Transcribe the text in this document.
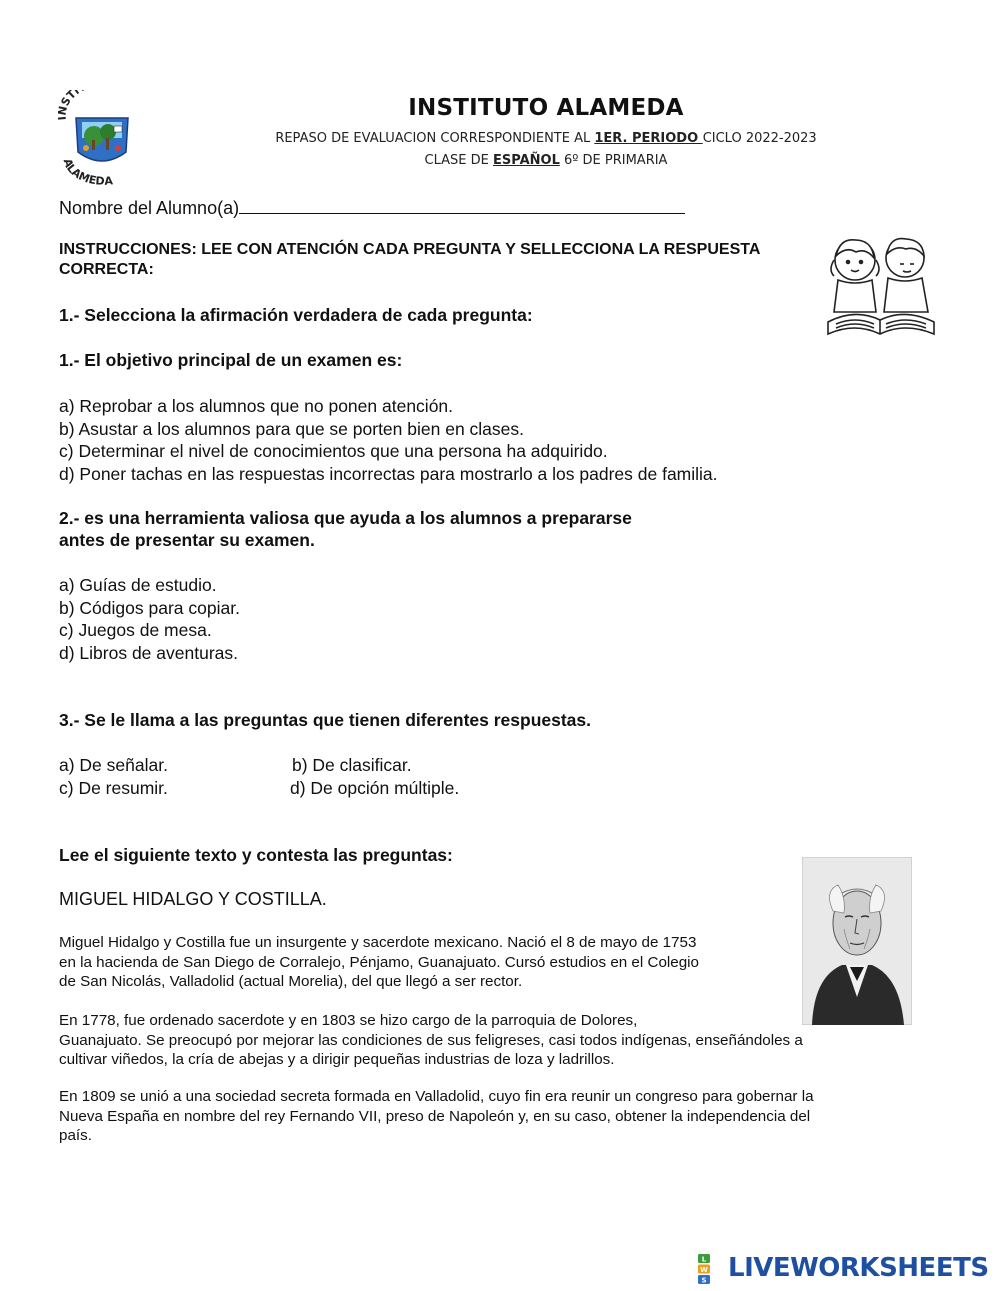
STI
ALAMEDA
INSTITUTO ALAMEDA
REPASO DE EVALUACION CORRESPONDIENTE AL 1ER. PERIODO CICLO 2022-2023
CLASE DE ESPAÑOL 6º DE PRIMARIA
Nombre del Alumno(a)
INSTRUCCIONES: LEE CON ATENCIÓN CADA PREGUNTA Y SELLECCIONA LA RESPUESTA CORRECTA:
1.- Selecciona la afirmación verdadera de cada pregunta:
1.- El objetivo principal de un examen es:
a) Reprobar a los alumnos que no ponen atención.
b) Asustar a los alumnos para que se porten bien en clases.
c) Determinar el nivel de conocimientos que una persona ha adquirido.
d) Poner tachas en las respuestas incorrectas para mostrarlo a los padres de familia.
2.- es una herramienta valiosa que ayuda a los alumnos a prepararse
antes de presentar su examen.
a) Guías de estudio.
b) Códigos para copiar.
c) Juegos de mesa.
d) Libros de aventuras.
3.- Se le llama a las preguntas que tienen diferentes respuestas.
a) De señalar.	b) De clasificar.
c) De resumir.	d) De opción múltiple.
Lee el siguiente texto y contesta las preguntas:
MIGUEL HIDALGO Y COSTILLA.
Miguel Hidalgo y Costilla fue un insurgente y sacerdote mexicano. Nació el 8 de mayo de 1753
en la hacienda de San Diego de Corralejo, Pénjamo, Guanajuato. Cursó estudios en el Colegio
de San Nicolás, Valladolid (actual Morelia), del que llegó a ser rector.
En 1778, fue ordenado sacerdote y en 1803 se hizo cargo de la parroquia de Dolores,
Guanajuato. Se preocupó por mejorar las condiciones de sus feligreses, casi todos indígenas, enseñándoles a
cultivar viñedos, la cría de abejas y a dirigir pequeñas industrias de loza y ladrillos.
En 1809 se unió a una sociedad secreta formada en Valladolid, cuyo fin era reunir un congreso para gobernar la
Nueva España en nombre del rey Fernando VII, preso de Napoleón y, en su caso, obtener la independencia del
país.
L
W
S LIVEWORKSHEETS
